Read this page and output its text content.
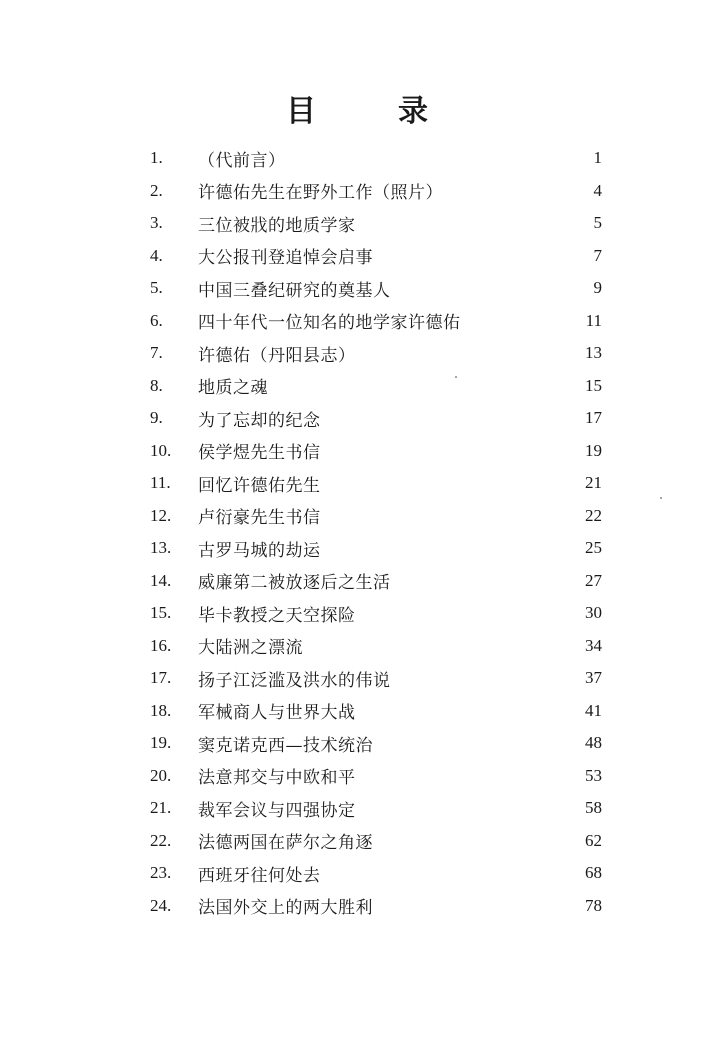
目　录
1.	（代前言）	1
2.	许德佑先生在野外工作（照片）	4
3.	三位被戕的地质学家	5
4.	大公报刊登追悼会启事	7
5.	中国三叠纪研究的奠基人	9
6.	四十年代一位知名的地学家许德佑	11
7.	许德佑（丹阳县志）	13
8.	地质之魂	15
9.	为了忘却的纪念	17
10.	侯学煜先生书信	19
11.	回忆许德佑先生	21
12.	卢衍豪先生书信	22
13.	古罗马城的劫运	25
14.	威廉第二被放逐后之生活	27
15.	毕卡教授之天空探险	30
16.	大陆洲之漂流	34
17.	扬子江泛滥及洪水的伟说	37
18.	军械商人与世界大战	41
19.	窦克诺克西—技术统治	48
20.	法意邦交与中欧和平	53
21.	裁军会议与四强协定	58
22.	法德两国在萨尔之角逐	62
23.	西班牙往何处去	68
24.	法国外交上的两大胜利	78
